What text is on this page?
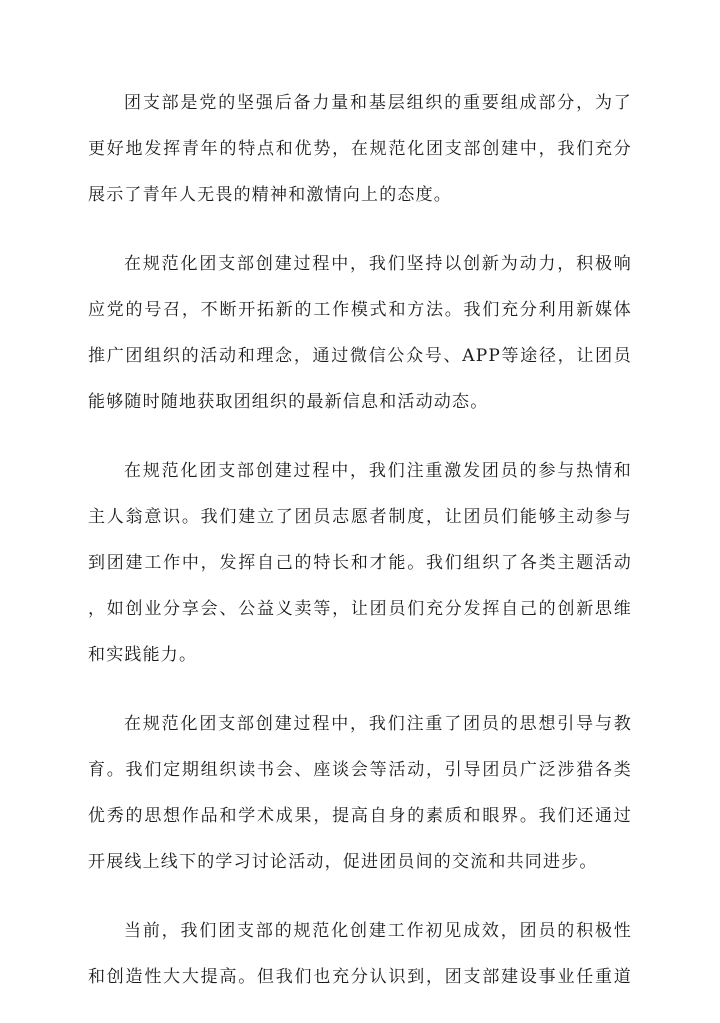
团支部是党的坚强后备力量和基层组织的重要组成部分，为了
更好地发挥青年的特点和优势，在规范化团支部创建中，我们充分
展示了青年人无畏的精神和激情向上的态度。
在规范化团支部创建过程中，我们坚持以创新为动力，积极响
应党的号召，不断开拓新的工作模式和方法。我们充分利用新媒体
推广团组织的活动和理念，通过微信公众号、APP等途径，让团员
能够随时随地获取团组织的最新信息和活动动态。
在规范化团支部创建过程中，我们注重激发团员的参与热情和
主人翁意识。我们建立了团员志愿者制度，让团员们能够主动参与
到团建工作中，发挥自己的特长和才能。我们组织了各类主题活动
，如创业分享会、公益义卖等，让团员们充分发挥自己的创新思维
和实践能力。
在规范化团支部创建过程中，我们注重了团员的思想引导与教
育。我们定期组织读书会、座谈会等活动，引导团员广泛涉猎各类
优秀的思想作品和学术成果，提高自身的素质和眼界。我们还通过
开展线上线下的学习讨论活动，促进团员间的交流和共同进步。
当前，我们团支部的规范化创建工作初见成效，团员的积极性
和创造性大大提高。但我们也充分认识到，团支部建设事业任重道
